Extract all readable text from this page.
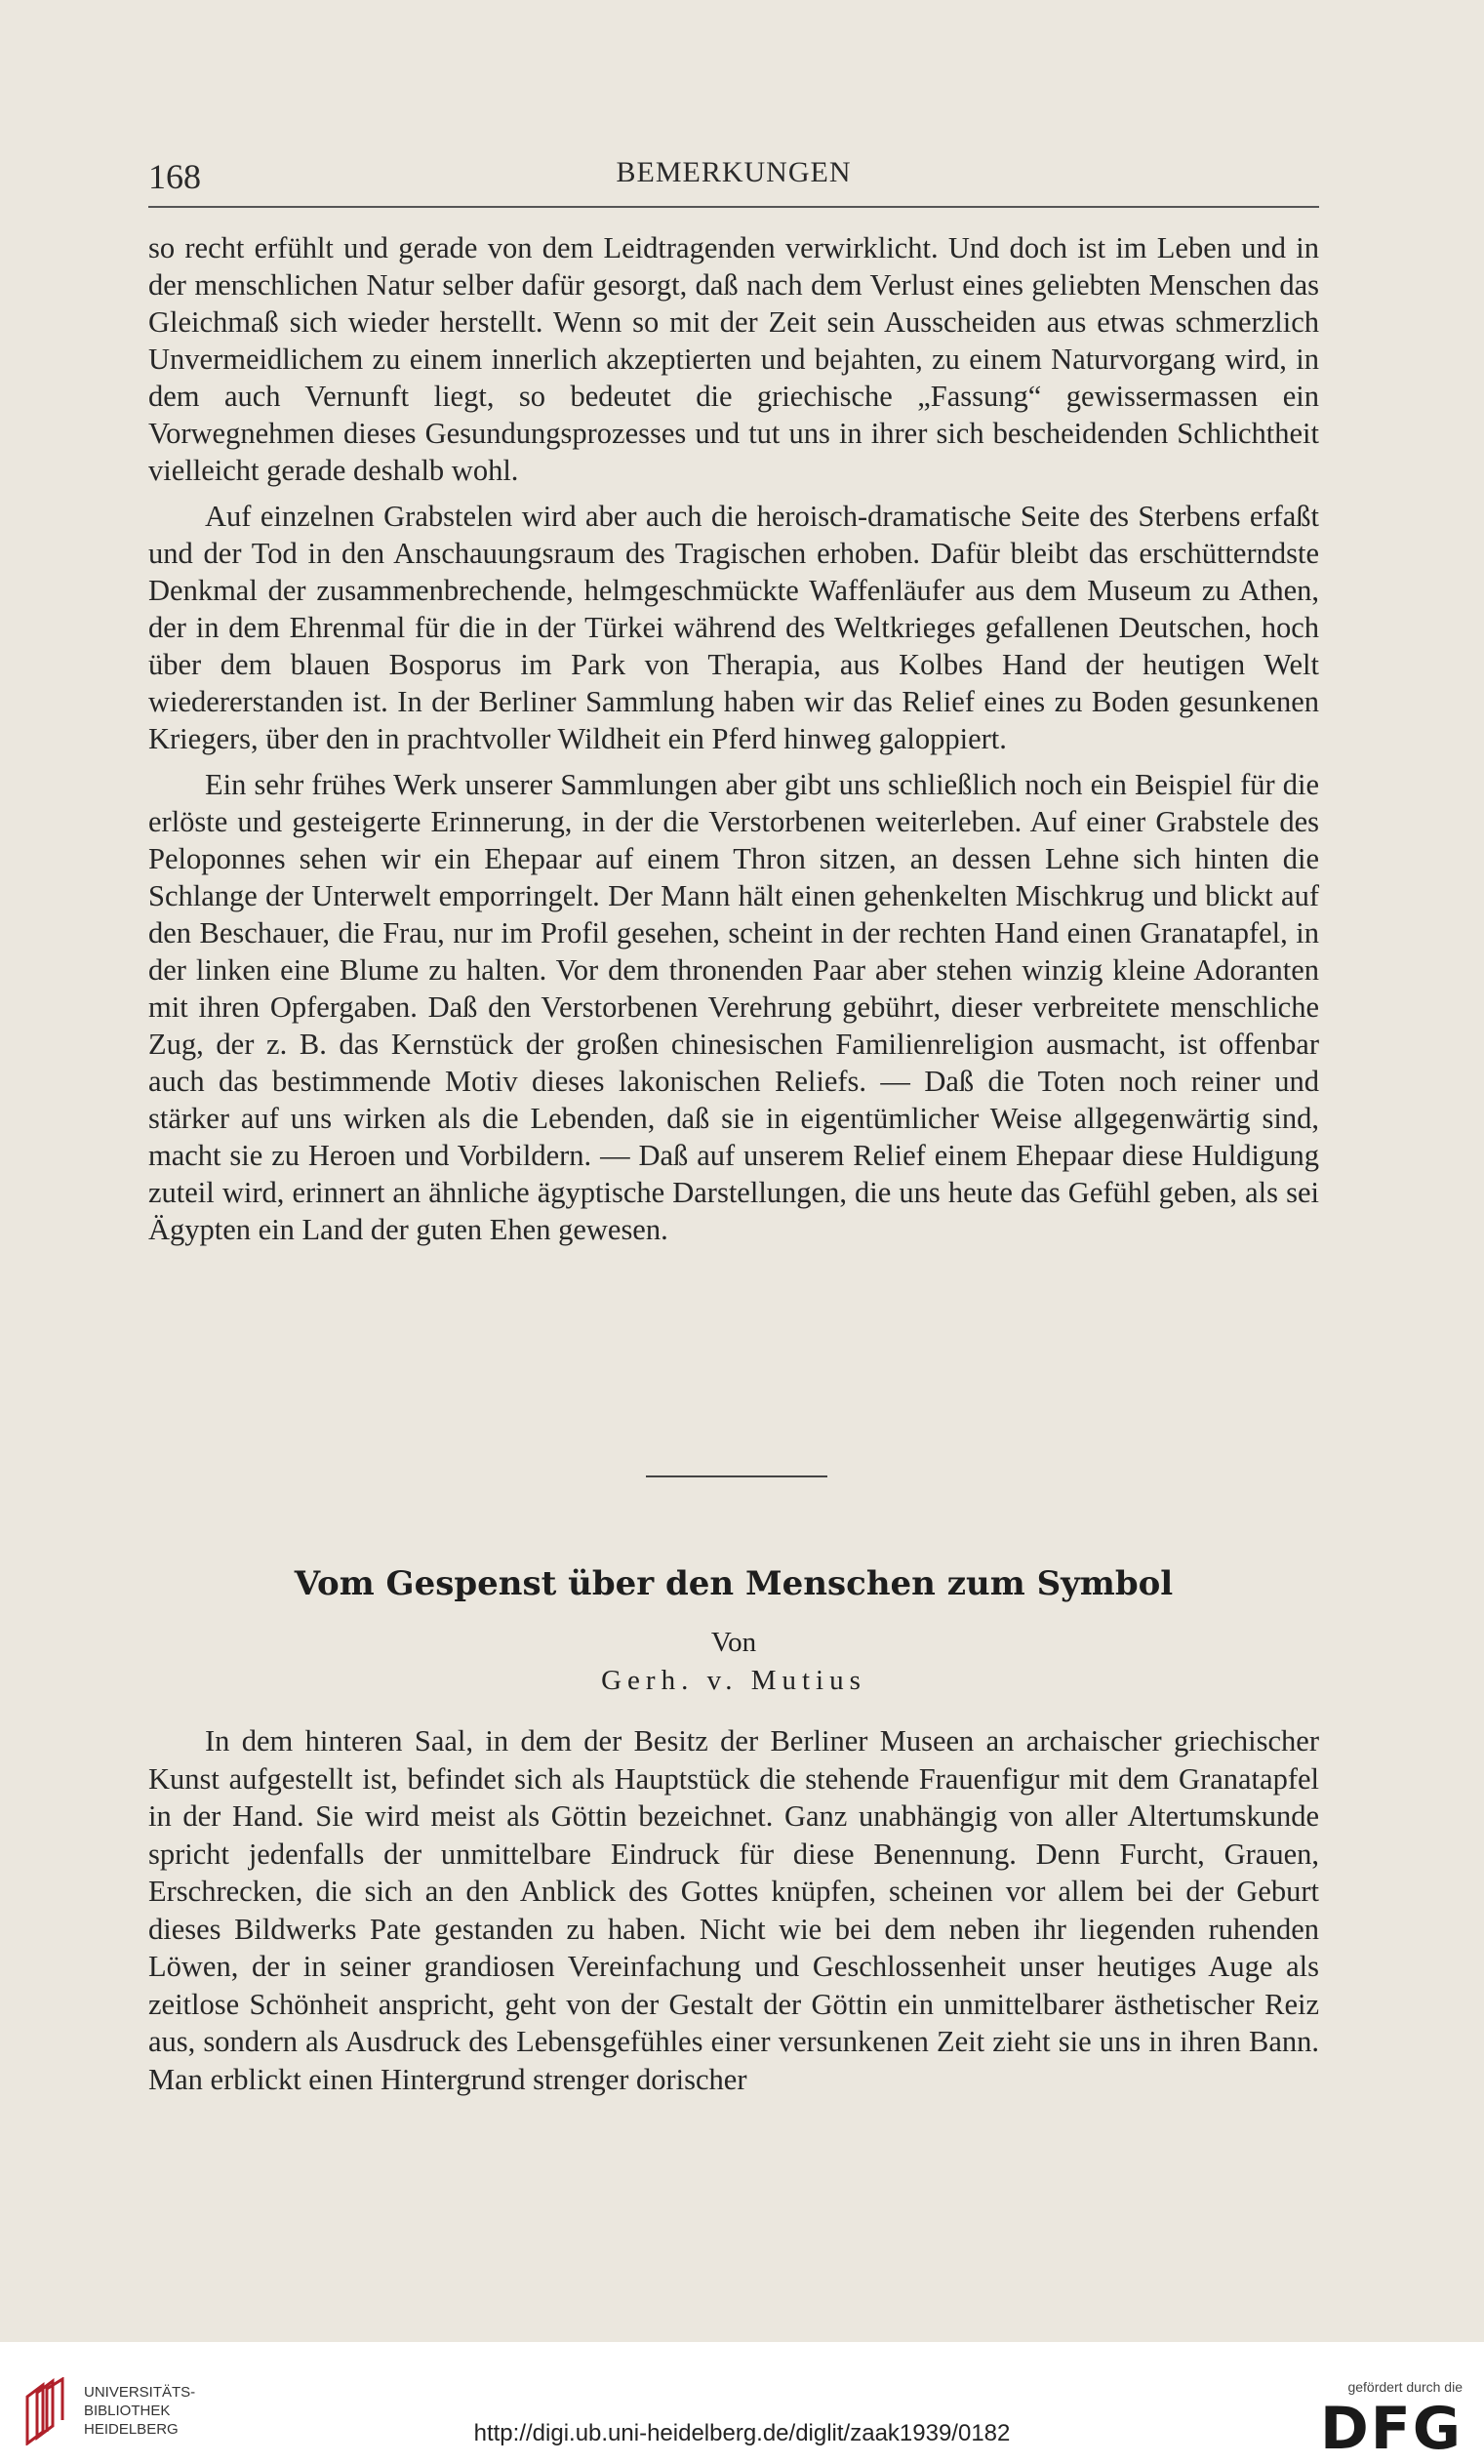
BEMERKUNGEN
168

so recht erfühlt und gerade von dem Leidtragenden verwirklicht. Und doch ist im Leben und in der menschlichen Natur selber dafür gesorgt, daß nach dem Verlust eines geliebten Menschen das Gleichmaß sich wieder herstellt. Wenn so mit der Zeit sein Ausscheiden aus etwas schmerzlich Unvermeidlichem zu einem innerlich akzeptierten und bejahten, zu einem Naturvorgang wird, in dem auch Vernunft liegt, so bedeutet die griechische „Fassung“ gewissermassen ein Vorwegnehmen dieses Gesundungsprozesses und tut uns in ihrer sich bescheidenden Schlichtheit vielleicht gerade deshalb wohl.

Auf einzelnen Grabstelen wird aber auch die heroisch-dramatische Seite des Sterbens erfaßt und der Tod in den Anschauungsraum des Tragischen erhoben. Dafür bleibt das erschütterndste Denkmal der zusammenbrechende, helmgeschmückte Waffenläufer aus dem Museum zu Athen, der in dem Ehrenmal für die in der Türkei während des Weltkrieges gefallenen Deutschen, hoch über dem blauen Bosporus im Park von Therapia, aus Kolbes Hand der heutigen Welt wiedererstanden ist. In der Berliner Sammlung haben wir das Relief eines zu Boden gesunkenen Kriegers, über den in prachtvoller Wildheit ein Pferd hinweg galoppiert.

Ein sehr frühes Werk unserer Sammlungen aber gibt uns schließlich noch ein Beispiel für die erlöste und gesteigerte Erinnerung, in der die Verstorbenen weiterleben. Auf einer Grabstele des Peloponnes sehen wir ein Ehepaar auf einem Thron sitzen, an dessen Lehne sich hinten die Schlange der Unterwelt emporringelt. Der Mann hält einen gehenkelten Mischkrug und blickt auf den Beschauer, die Frau, nur im Profil gesehen, scheint in der rechten Hand einen Granatapfel, in der linken eine Blume zu halten. Vor dem thronenden Paar aber stehen winzig kleine Adoranten mit ihren Opfergaben. Daß den Verstorbenen Verehrung gebührt, dieser verbreitete menschliche Zug, der z. B. das Kernstück der großen chinesischen Familienreligion ausmacht, ist offenbar auch das bestimmende Motiv dieses lakonischen Reliefs. — Daß die Toten noch reiner und stärker auf uns wirken als die Lebenden, daß sie in eigentümlicher Weise allgegenwärtig sind, macht sie zu Heroen und Vorbildern. — Daß auf unserem Relief einem Ehepaar diese Huldigung zuteil wird, erinnert an ähnliche ägyptische Darstellungen, die uns heute das Gefühl geben, als sei Ägypten ein Land der guten Ehen gewesen.

Vom Gespenst über den Menschen zum Symbol
Von
Gerh. v. Mutius

In dem hinteren Saal, in dem der Besitz der Berliner Museen an archaischer griechischer Kunst aufgestellt ist, befindet sich als Hauptstück die stehende Frauenfigur mit dem Granatapfel in der Hand. Sie wird meist als Göttin bezeichnet. Ganz unabhängig von aller Altertumskunde spricht jedenfalls der unmittelbare Eindruck für diese Benennung. Denn Furcht, Grauen, Erschrecken, die sich an den Anblick des Gottes knüpfen, scheinen vor allem bei der Geburt dieses Bildwerks Pate gestanden zu haben. Nicht wie bei dem neben ihr liegenden ruhenden Löwen, der in seiner grandiosen Vereinfachung und Geschlossenheit unser heutiges Auge als zeitlose Schönheit anspricht, geht von der Gestalt der Göttin ein unmittelbarer ästhetischer Reiz aus, sondern als Ausdruck des Lebensgefühles einer versunkenen Zeit zieht sie uns in ihren Bann. Man erblickt einen Hintergrund strenger dorischer

UNIVERSITÄTS-
BIBLIOTHEK
HEIDELBERG	http://digi.ub.uni-heidelberg.de/diglit/zaak1939/0182
gefördert durch die
DFG
